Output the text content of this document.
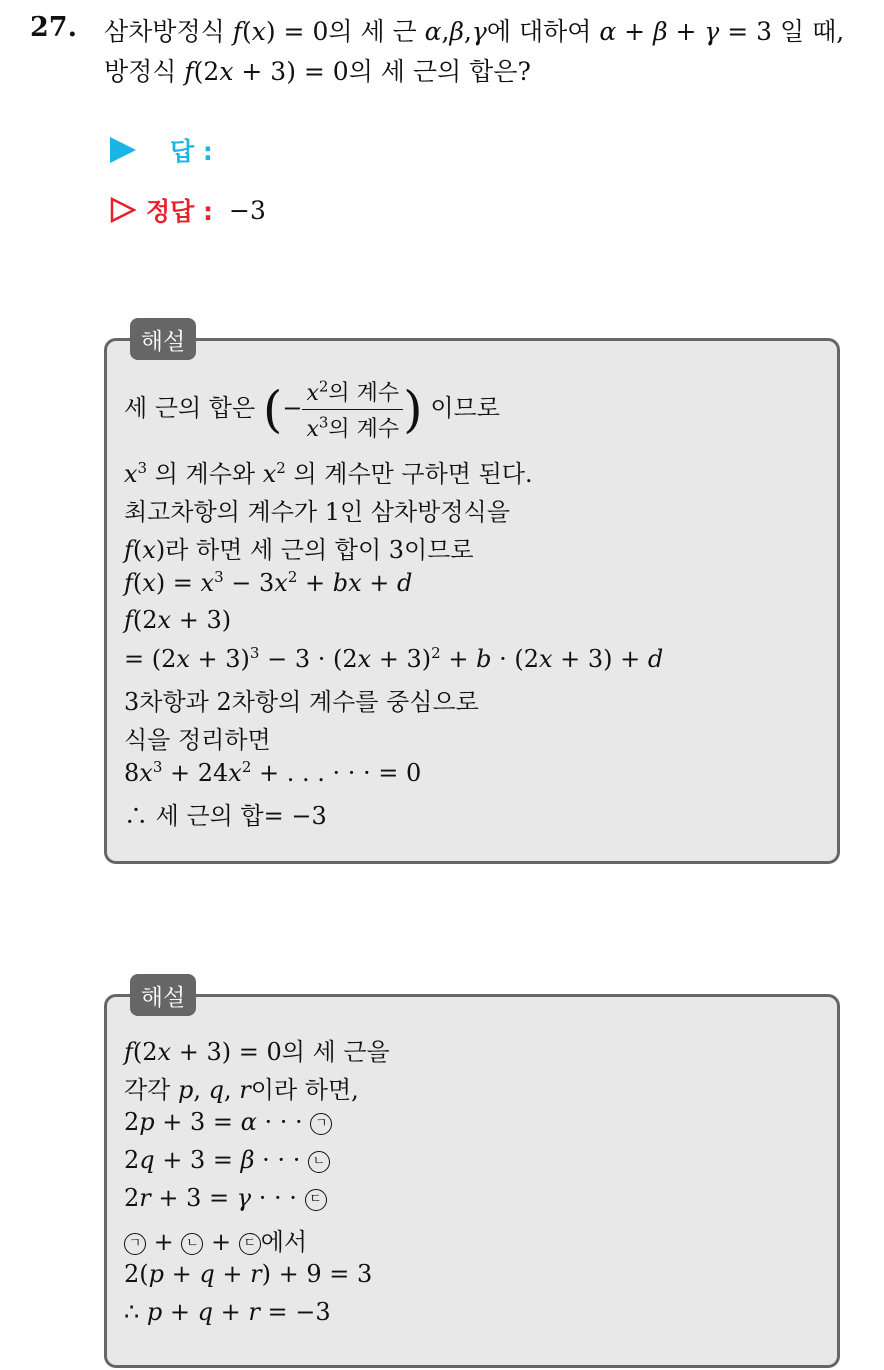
27. 삼차방정식 f(x) = 0의 세 근 α,β,γ에 대하여 α + β + γ = 3 일 때,
방정식 f(2x + 3) = 0의 세 근의 합은?
답 :
정답 : −3
해설
세 근의 합은 (− $\frac{x^2의 계수}{x^3의 계수}$ ) 이므로
$x^3$ 의 계수와 $x^2$ 의 계수만 구하면 된다.
최고차항의 계수가 1인 삼차방정식을
f(x)라 하면 세 근의 합이 3이므로
$f(x) = x^3 - 3x^2$ + bx + d
f(2x + 3)
= $(2x + 3)^3 - 3 \cdot (2x + 3)^2 + b \cdot (2x + 3) + d$
3차항과 2차항의 계수를 중심으로
식을 정리하면
$8x^3 + 24x^2$ + . . . · · · = 0
∴ 세 근의 합= −3
해설
f(2x + 3) = 0의 세 근을
각각 p, q, r이라 하면,
2p + 3 = α · · · ㄱ
2q + 3 = β · · · ㄴ
2r + 3 = γ · · · ㄷ
ㄱ + ㄴ + ㄷ 에서
2(p + q + r) + 9 = 3
∴ p + q + r = −3
